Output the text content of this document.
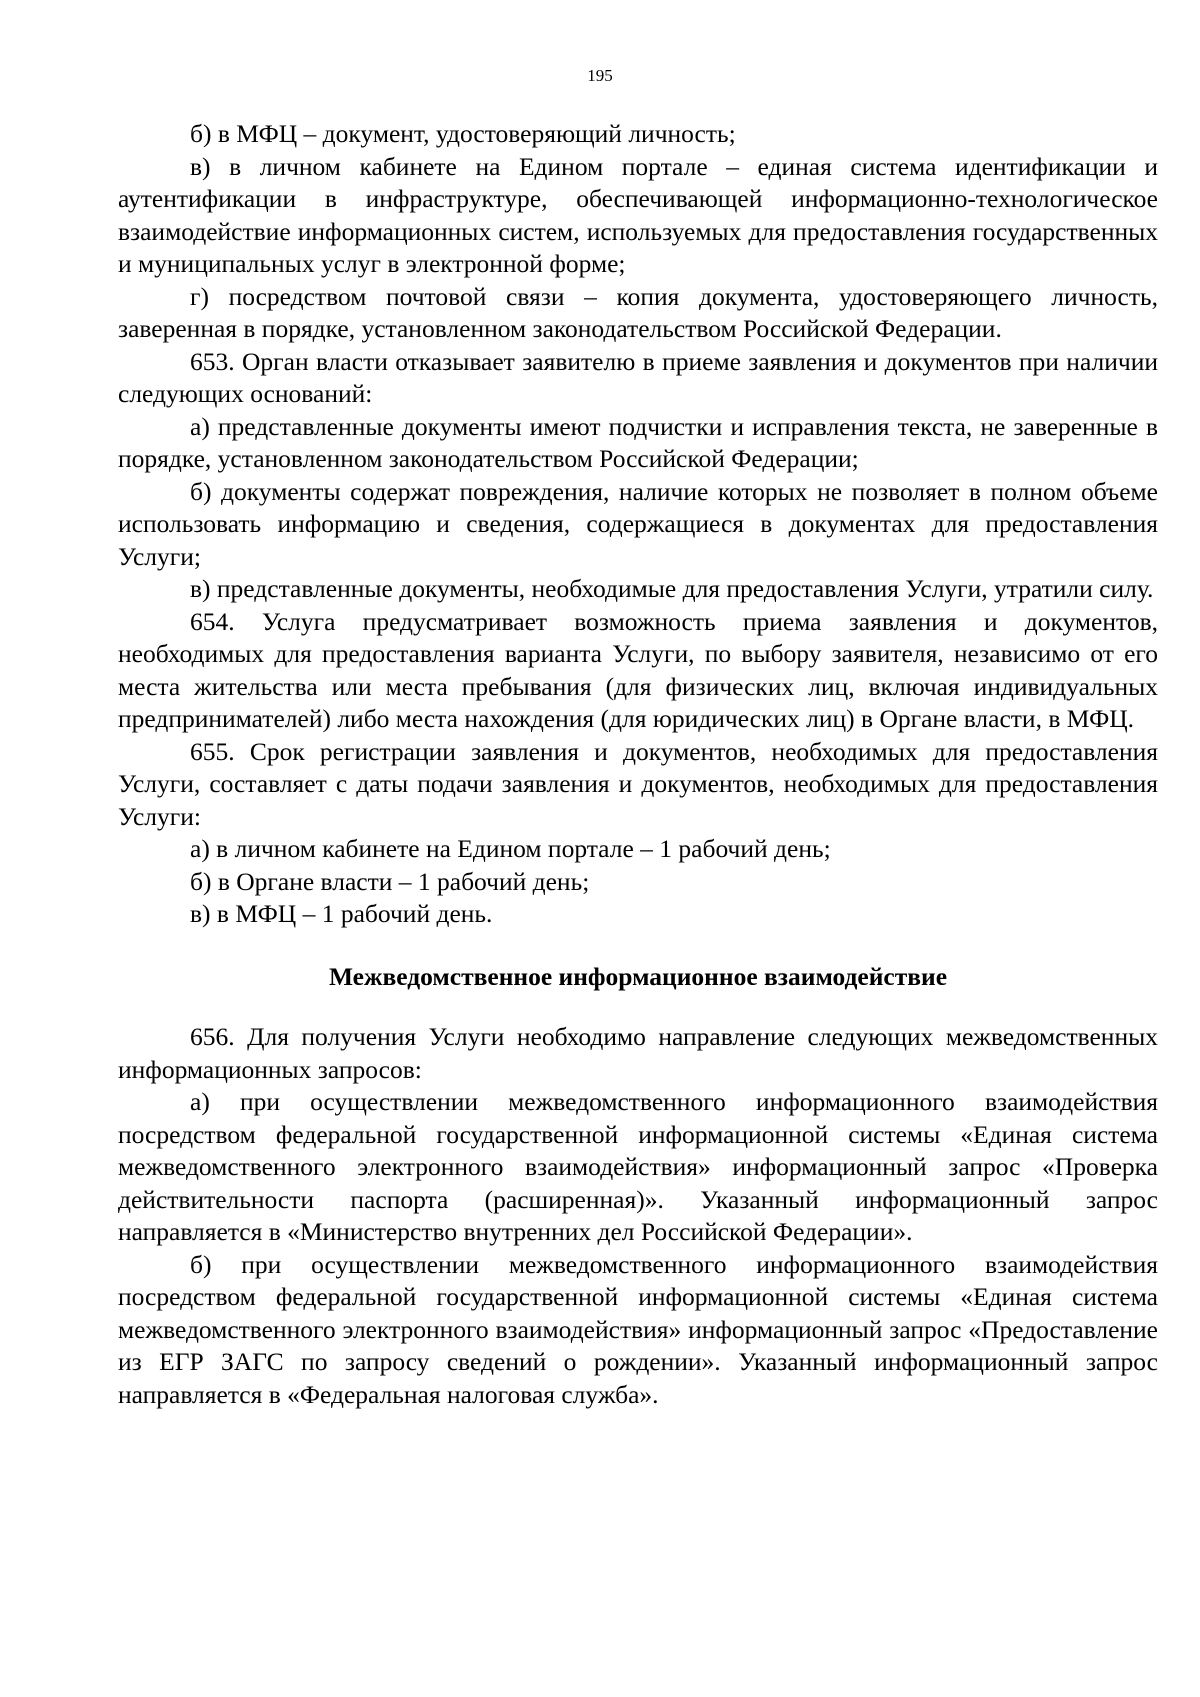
195

б) в МФЦ – документ, удостоверяющий личность;

в) в личном кабинете на Едином портале – единая система идентификации и аутентификации в инфраструктуре, обеспечивающей информационно-технологическое взаимодействие информационных систем, используемых для предоставления государственных и муниципальных услуг в электронной форме;

г) посредством почтовой связи – копия документа, удостоверяющего личность, заверенная в порядке, установленном законодательством Российской Федерации.

653. Орган власти отказывает заявителю в приеме заявления и документов при наличии следующих оснований:

а) представленные документы имеют подчистки и исправления текста, не заверенные в порядке, установленном законодательством Российской Федерации;

б) документы содержат повреждения, наличие которых не позволяет в полном объеме использовать информацию и сведения, содержащиеся в документах для предоставления Услуги;

в) представленные документы, необходимые для предоставления Услуги, утратили силу.

654. Услуга предусматривает возможность приема заявления и документов, необходимых для предоставления варианта Услуги, по выбору заявителя, независимо от его места жительства или места пребывания (для физических лиц, включая индивидуальных предпринимателей) либо места нахождения (для юридических лиц) в Органе власти, в МФЦ.

655. Срок регистрации заявления и документов, необходимых для предоставления Услуги, составляет с даты подачи заявления и документов, необходимых для предоставления Услуги:

а) в личном кабинете на Едином портале – 1 рабочий день;

б) в Органе власти – 1 рабочий день;

в) в МФЦ – 1 рабочий день.

Межведомственное информационное взаимодействие

656. Для получения Услуги необходимо направление следующих межведомственных информационных запросов:

а) при осуществлении межведомственного информационного взаимодействия посредством федеральной государственной информационной системы «Единая система межведомственного электронного взаимодействия» информационный запрос «Проверка действительности паспорта (расширенная)». Указанный информационный запрос направляется в «Министерство внутренних дел Российской Федерации».

б) при осуществлении межведомственного информационного взаимодействия посредством федеральной государственной информационной системы «Единая система межведомственного электронного взаимодействия» информационный запрос «Предоставление из ЕГР ЗАГС по запросу сведений о рождении». Указанный информационный запрос направляется в «Федеральная налоговая служба».
